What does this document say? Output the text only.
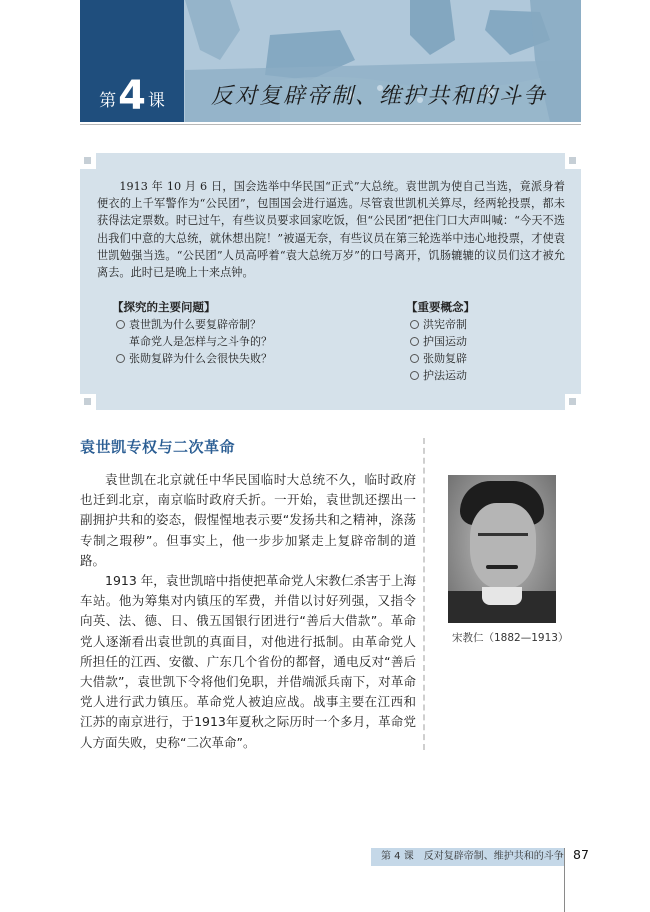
第 4 课 反对复辟帝制、维护共和的斗争
1913 年 10 月 6 日，国会选举中华民国“正式”大总统。袁世凯为使自己当选，竟派身着便衣的上千军警作为“公民团”，包围国会进行逼选。尽管袁世凯机关算尽，经两轮投票，都未获得法定票数。时已过午，有些议员要求回家吃饭，但“公民团”把住门口大声叫喊：“今天不选出我们中意的大总统，就休想出院！”被逼无奈，有些议员在第三轮选举中违心地投票，才使袁世凯勉强当选。“公民团”人员高呼着“袁大总统万岁”的口号离开，饥肠辘辘的议员们这才被允离去。此时已是晚上十来点钟。
【探究的主要问题】
袁世凯为什么要复辟帝制？
革命党人是怎样与之斗争的？
张勋复辟为什么会很快失败？
【重要概念】
洪宪帝制
护国运动
张勋复辟
护法运动
袁世凯专权与二次革命

袁世凯在北京就任中华民国临时大总统不久，临时政府也迁到北京，南京临时政府夭折。一开始，袁世凯还摆出一副拥护共和的姿态，假惺惺地表示要“发扬共和之精神，涤荡专制之瑕秽”。但事实上，他一步步加紧走上复辟帝制的道路。

1913 年，袁世凯暗中指使把革命党人宋教仁杀害于上海车站。他为筹集对内镇压的军费，并借以讨好列强，又指令向英、法、德、日、俄五国银行团进行“善后大借款”。革命党人逐渐看出袁世凯的真面目，对他进行抵制。由革命党人所担任的江西、安徽、广东几个省份的都督，通电反对“善后大借款”，袁世凯下令将他们免职，并借端派兵南下，对革命党人进行武力镇压。革命党人被迫应战。战事主要在江西和江苏的南京进行，于1913年夏秋之际历时一个多月，革命党人方面失败，史称“二次革命”。

宋教仁（1882—1913）
第 4 课　反对复辟帝制、维护共和的斗争 87
